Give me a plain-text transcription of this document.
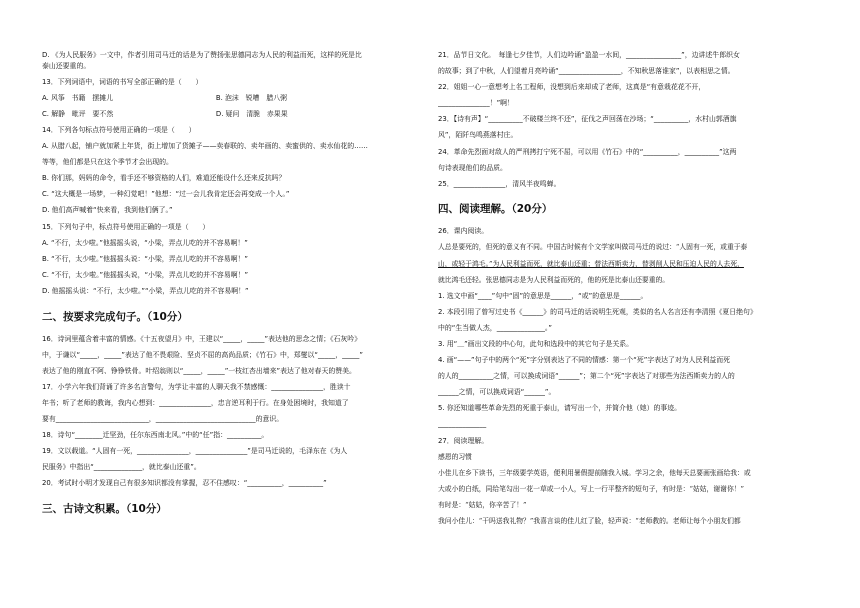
D. 《为人民服务》一文中，作者引用司马迁的话是为了赞扬张思德同志为人民的利益而死，这样的死是比

泰山还要重的。

13．下列词语中，词语的书写全部正确的是（　　）

A. 风筝　书籍　摆摊儿	B. 泡沫　锐嘈　腊八粥
C. 解静　毗评　要不然	D. 疑问　清脆　赤果果

14．下列各句标点符号使用正确的一项是（　　）

A. 从腊八起，铺户就加紧上年货，街上增加了货摊子——卖春联的、卖年画的、卖蜜供的、卖水仙花的……

等等，他们都是只在这个季节才会出现的。

B. 你们那，妈妈的命令，看手还不够资格的人们，难道还能设什么还来反抗吗？

C. “这大概是一场梦，一种幻觉吧！”他想：“过一会儿我肯定还会再变成一个人。”

D. 他们高声喊着“快来看，我到他们俩了。”

15．下列句子中，标点符号使用正确的一项是（　　）

A. “不行，太少啦。”他摇摇头说，“小梁，弄点儿吃的并不容易啊！”

B. “不行，太少啦。”他摇摇头说：“小梁，弄点儿吃的并不容易啊！”

C. “不行，太少啦。”他摇摇头说，“小梁，弄点儿吃的并不容易啊！”

D. 他摇摇头说：“不行，太少啦。”“小梁，弄点儿吃的并不容易啊！”

二、按要求完成句子。（10分）

16．诗词里蕴含着丰富的情感。《十五夜望月》中，王建以“_____，_____”表达他的思念之情；《石灰吟》

中，于谦以“_____，_____”表达了他不畏艰险、坚贞不屈的高尚品质；《竹石》中，郑燮以“_____，_____”

表达了他的刚直不阿、铮铮铁骨。叶绍翁则以“_____，_____”一枝红杏出墙来”表达了他对春天的赞美。

17．小学六年我们背诵了许多名言警句，为学让丰富的人聊天我不禁感慨：_______________，胜读十

年书；听了老师的教诲，我内心想到：_______________，忠言逆耳利于行。在身处困境时，我知道了

要有___________________________，_____________________________的意识。

18．诗句“________迁坚劲，任尔东西南北风。”中的“任”指：__________。

19．文以载道。“人固有一死，_______________，_______________”是司马迁说的，毛泽东在《为人

民服务》中指出“______________，就比泰山还重”。

20．考试时小明才发现自己有很多知识都没有掌握，忍不住感叹：“__________，__________”

三、古诗文积累。（10分）

21．品节日文化。　每逢七夕佳节，人们边吟诵“盈盈一水间，________________”，边讲述牛郎织女

的故事；到了中秋，人们望着月亮吟诵“__________________，不知秋思落谁家”，以表相思之情。

22．姐姐一心一意想考上名工程师，没想到后来却成了老师，这真是“有意栽花花不开，

_______________！”啊！

23．【诗有声】“__________不破楼兰终不还”，征伐之声回荡在沙场；“__________，水村山郭酒旗

风”，陌阡鸟鸣燕落村庄。

24．革命先烈面对敌人的严刑拷打宁死不屈，可以用《竹石》中的“__________，__________”这两

句诗表现他们的品质。

25．_______________，清风半夜鸣蝉。

四、阅读理解。（20分）

26．课内阅读。

人总是要死的，但死的意义有不同。中国古时候有个文学家叫做司马迁的说过：“人固有一死，或重于泰

山，或轻于鸿毛。”为人民利益而死，就比泰山还重；替法西斯卖力，替剥削人民和压迫人民的人去死，

就比鸿毛还轻。张思德同志是为人民利益而死的，他的死是比泰山还要重的。

1. 选文中画“____”句中“固”的意思是______，“或”的意思是______。

2. 本段引用了曾写过史书《______》的司马迁的话说明生死观，类似的名人名言还有李清照《夏日绝句》

中的“生当做人杰，______________。”

3. 用“＿”画出文段的中心句，此句和选段中的其它句子是关系。

4. 画“——”句子中的两个“死”字分别表达了不同的情感：第一个“死”字表达了对为人民利益而死

的人的__________之情，可以换成词语“______”；第二个“死”字表达了对那些为法西斯卖力的人的

______之情，可以换成词语“______”。

5. 你还知道哪些革命先烈的死重于泰山，请写出一个，并简介他（她）的事迹。

______________

27．阅读理解。

感恩的习惯

小佳儿在乡下读书，三年级要学英语，便利用暑假提前随我入城。学习之余，他每天总要画张画给我：或

大或小的白纸，同给笔勾出一花一草或一小人，写上一行平整齐的短句子，有时是：“姑姑，谢谢你！”

有时是：“姑姑，你辛苦了！”

我问小佳儿：“干吗送我礼物？”我喜言谈的佳儿红了脸，轻声说：“老师教的。老师让每个小朋友们都
